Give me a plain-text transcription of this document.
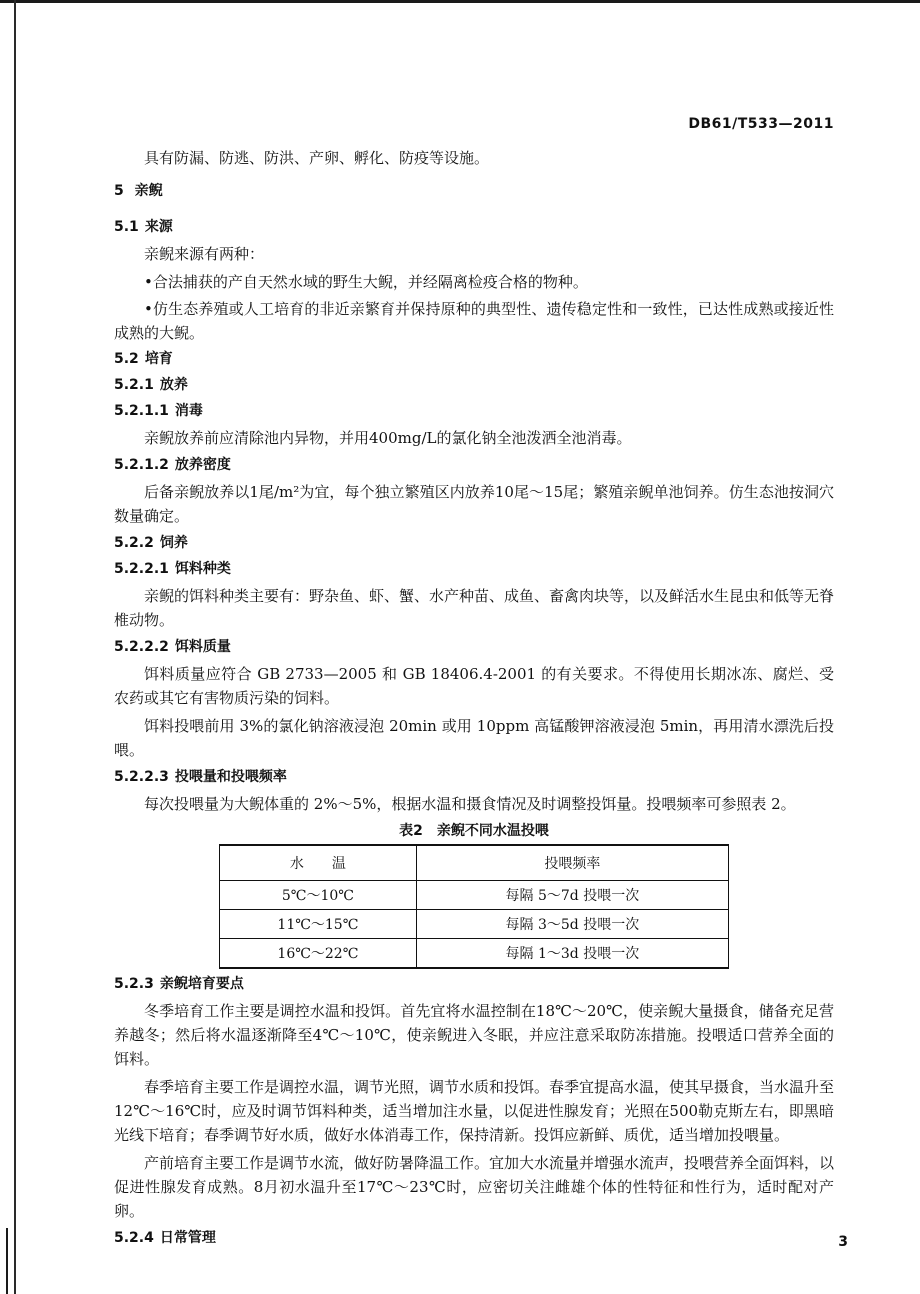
DB61/T533—2011

具有防漏、防逃、防洪、产卵、孵化、防疫等设施。

5 亲鲵
5.1 来源

亲鲵来源有两种：

•合法捕获的产自天然水域的野生大鲵，并经隔离检疫合格的物种。

•仿生态养殖或人工培育的非近亲繁育并保持原种的典型性、遗传稳定性和一致性，已达性成熟或接近性成熟的大鲵。

5.2 培育
5.2.1 放养
5.2.1.1 消毒

亲鲵放养前应清除池内异物，并用400mg/L的氯化钠全池泼洒全池消毒。

5.2.1.2 放养密度

后备亲鲵放养以1尾/m²为宜，每个独立繁殖区内放养10尾～15尾；繁殖亲鲵单池饲养。仿生态池按洞穴数量确定。

5.2.2 饲养
5.2.2.1 饵料种类

亲鲵的饵料种类主要有：野杂鱼、虾、蟹、水产种苗、成鱼、畜禽肉块等，以及鲜活水生昆虫和低等无脊椎动物。

5.2.2.2 饵料质量

饵料质量应符合 GB 2733—2005 和 GB 18406.4-2001 的有关要求。不得使用长期冰冻、腐烂、受农药或其它有害物质污染的饲料。

饵料投喂前用 3%的氯化钠溶液浸泡 20min 或用 10ppm 高锰酸钾溶液浸泡 5min，再用清水漂洗后投喂。

5.2.2.3 投喂量和投喂频率

每次投喂量为大鲵体重的 2%～5%，根据水温和摄食情况及时调整投饵量。投喂频率可参照表 2。

表2　亲鲵不同水温投喂
水　　温	投喂频率
5℃～10℃	每隔 5～7d 投喂一次
11℃～15℃	每隔 3～5d 投喂一次
16℃～22℃	每隔 1～3d 投喂一次
5.2.3 亲鲵培育要点

冬季培育工作主要是调控水温和投饵。首先宜将水温控制在18℃～20℃，使亲鲵大量摄食，储备充足营养越冬；然后将水温逐渐降至4℃～10℃，使亲鲵进入冬眠，并应注意采取防冻措施。投喂适口营养全面的饵料。

春季培育主要工作是调控水温，调节光照，调节水质和投饵。春季宜提高水温，使其早摄食，当水温升至12℃～16℃时，应及时调节饵料种类，适当增加注水量，以促进性腺发育；光照在500勒克斯左右，即黑暗光线下培育；春季调节好水质，做好水体消毒工作，保持清新。投饵应新鲜、质优，适当增加投喂量。

产前培育主要工作是调节水流，做好防暑降温工作。宜加大水流量并增强水流声，投喂营养全面饵料，以促进性腺发育成熟。8月初水温升至17℃～23℃时，应密切关注雌雄个体的性特征和性行为，适时配对产卵。

5.2.4 日常管理	3
